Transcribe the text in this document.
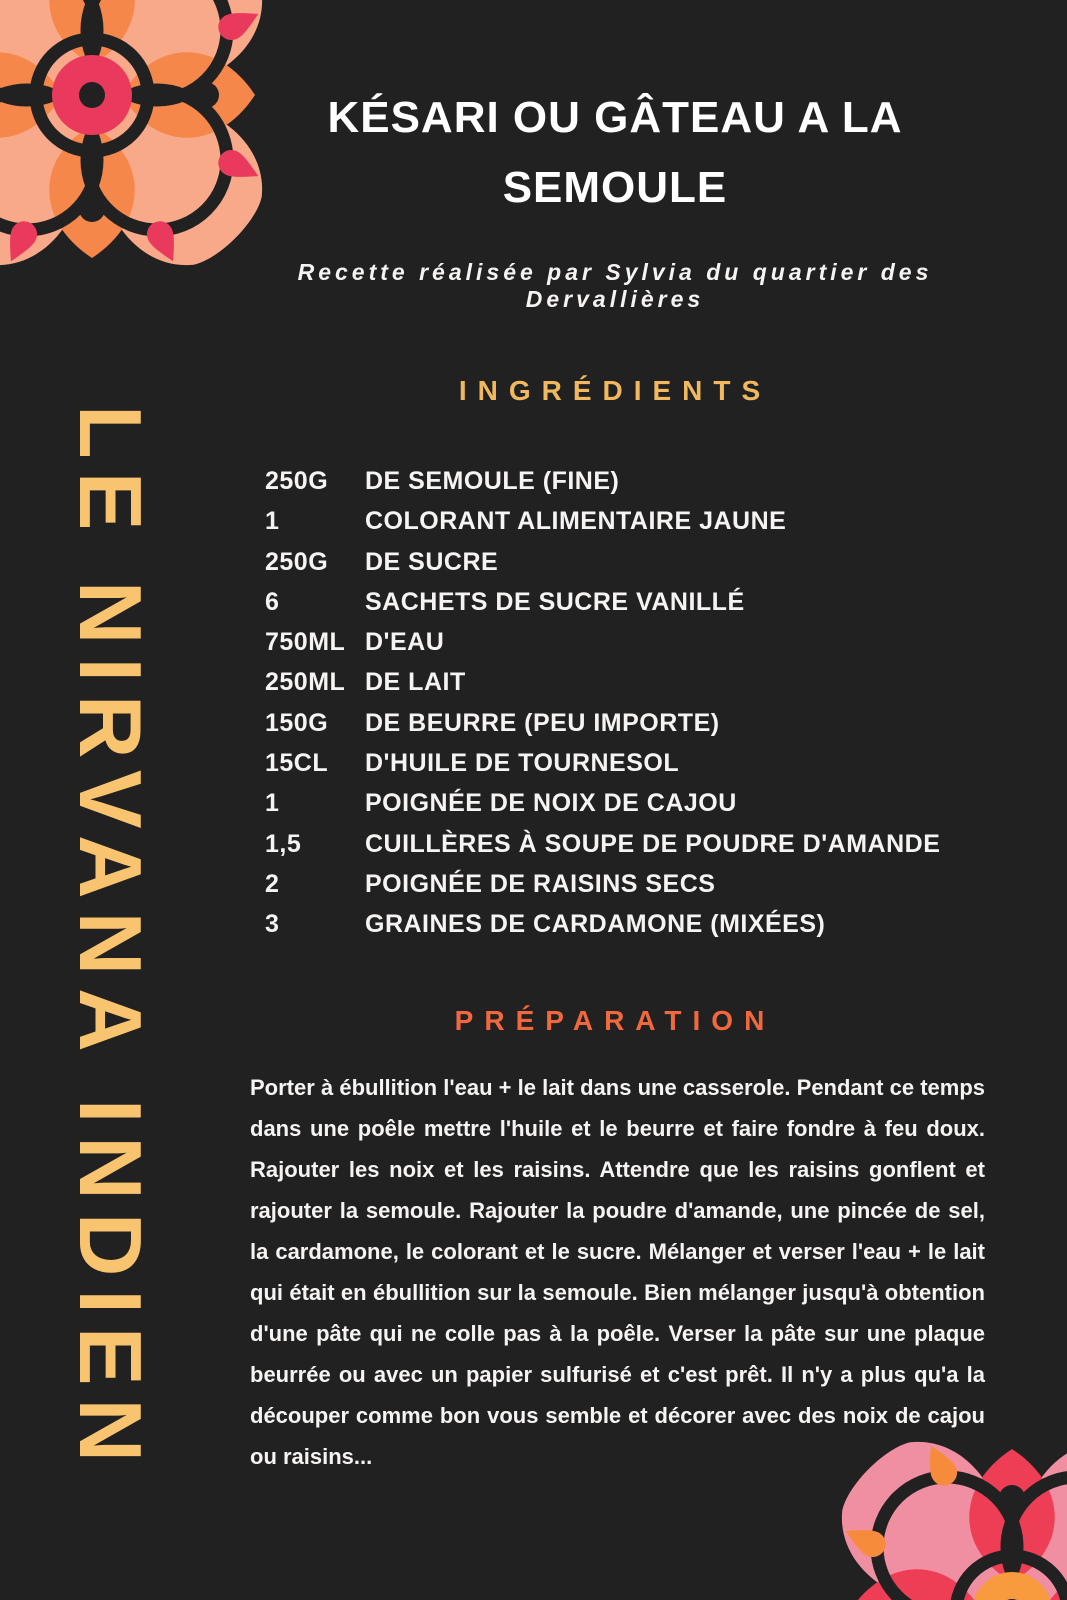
LE NIRVANA INDIEN
KÉSARI OU GÂTEAU A LA
SEMOULE

Recette réalisée par Sylvia du quartier des Dervallières

INGRÉDIENTS
250G	DE SEMOULE (FINE)
1	COLORANT ALIMENTAIRE JAUNE
250G	DE SUCRE
6	SACHETS DE SUCRE VANILLÉ
750ML D'EAU
250ML DE LAIT
150G	DE BEURRE (PEU IMPORTE)
15CL	D'HUILE DE TOURNESOL
1	POIGNÉE DE NOIX DE CAJOU
1,5	CUILLÈRES À SOUPE DE POUDRE D'AMANDE
2	POIGNÉE DE RAISINS SECS
3	GRAINES DE CARDAMONE (MIXÉES)
PRÉPARATION

Porter à ébullition l'eau + le lait dans une casserole. Pendant ce temps dans une poêle mettre l'huile et le beurre et faire fondre à feu doux. Rajouter les noix et les raisins. Attendre que les raisins gonflent et rajouter la semoule. Rajouter la poudre d'amande, une pincée de sel, la cardamone, le colorant et le sucre. Mélanger et verser l'eau + le lait qui était en ébullition sur la semoule. Bien mélanger jusqu'à obtention d'une pâte qui ne colle pas à la poêle. Verser la pâte sur une plaque beurrée ou avec un papier sulfurisé et c'est prêt. Il n'y a plus qu'a la découper comme bon vous semble et décorer avec des noix de cajou ou raisins...
